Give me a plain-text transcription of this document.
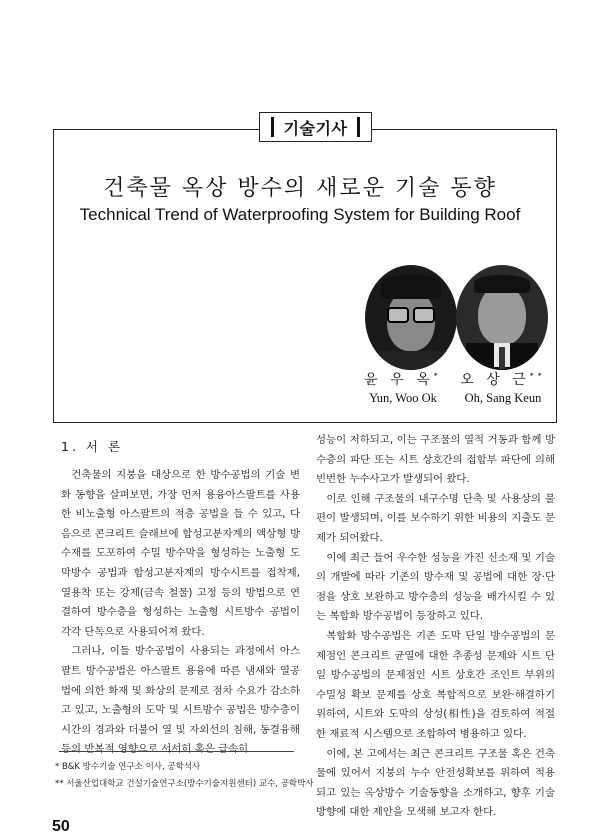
기술기사
건축물 옥상 방수의 새로운 기술 동향
Technical Trend of Waterproofing System for Building Roof
윤 우 옥*
Yun, Woo Ok
오 상 근**
Oh, Sang Keun
1. 서 론

건축물의 지붕을 대상으로 한 방수공법의 기술 변화 동향을 살펴보면, 가장 먼저 용융아스팔트를 사용한 비노출형 아스팔트의 적층 공법을 들 수 있고, 다음으로 콘크리트 슬래브에 합성고분자계의 액상형 방수재를 도포하여 수밀 방수막을 형성하는 노출형 도막방수 공법과 합성고분자계의 방수시트를 접착제, 열용착 또는 강제(금속 철물) 고정 등의 방법으로 연결하여 방수층을 형성하는 노출형 시트방수 공법이 각각 단독으로 사용되어져 왔다.

그러나, 이들 방수공법이 사용되는 과정에서 아스팔트 방수공법은 아스팔트 용융에 따른 냄새와 열공법에 의한 화재 및 화상의 문제로 점차 수요가 감소하고 있고, 노출형의 도막 및 시트방수 공법은 방수층이 시간의 경과와 더불어 열 및 자외선의 침해, 동결융해 등의 반복적 영향으로 서서히 혹은 급속히

성능이 저하되고, 이는 구조물의 열적 거동과 함께 방수층의 파단 또는 시트 상호간의 접합부 파단에 의해 빈번한 누수사고가 발생되어 왔다.

이로 인해 구조물의 내구수명 단축 및 사용상의 불편이 발생되며, 이를 보수하기 위한 비용의 지출도 문제가 되어왔다.

이에 최근 들어 우수한 성능을 가진 신소재 및 기술의 개발에 따라 기존의 방수재 및 공법에 대한 장·단점을 상호 보완하고 방수층의 성능을 배가시킬 수 있는 복합화 방수공법이 등장하고 있다.

복합화 방수공법은 기존 도막 단일 방수공법의 문제점인 콘크리트 균열에 대한 추종성 문제와 시트 단일 방수공법의 문제점인 시트 상호간 조인트 부위의 수밀성 확보 문제를 상호 복합적으로 보완·해결하기 위하여, 시트와 도막의 상성(相性)을 검토하여 적절한 재료적 시스템으로 조합하여 병용하고 있다.

이에, 본 고에서는 최근 콘크리트 구조물 혹은 건축물에 있어서 지붕의 누수 안전성확보를 위하여 적용되고 있는 옥상방수 기술동향을 소개하고, 향후 기술방향에 대한 제안을 모색해 보고자 한다.

* B&K 방수기술 연구소 이사, 공학석사
** 서울산업대학교 건설기술연구소(방수기술지원센터) 교수, 공학박사
50
